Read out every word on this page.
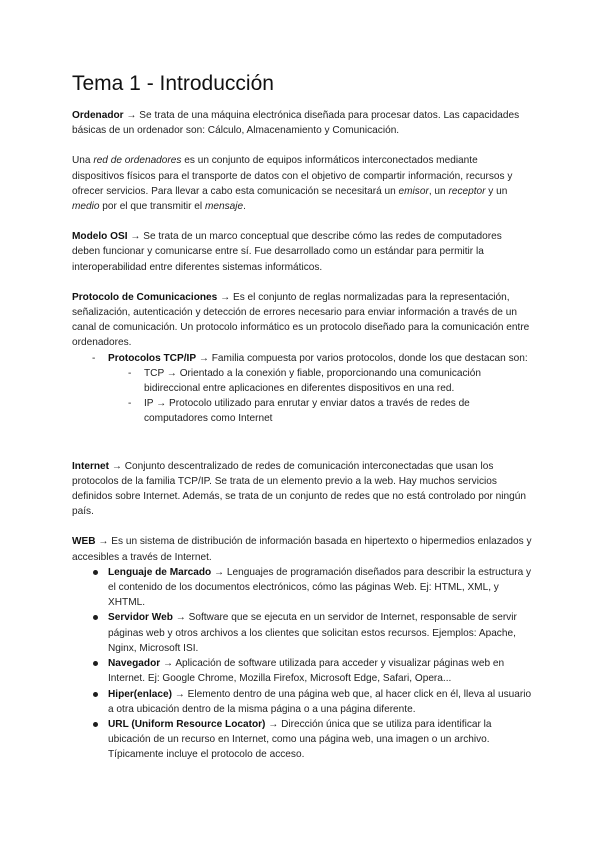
Tema 1 - Introducción

Ordenador → Se trata de una máquina electrónica diseñada para procesar datos. Las capacidades básicas de un ordenador son: Cálculo, Almacenamiento y Comunicación.

Una red de ordenadores es un conjunto de equipos informáticos interconectados mediante dispositivos físicos para el transporte de datos con el objetivo de compartir información, recursos y ofrecer servicios. Para llevar a cabo esta comunicación se necesitará un emisor, un receptor y un medio por el que transmitir el mensaje.

Modelo OSI → Se trata de un marco conceptual que describe cómo las redes de computadores deben funcionar y comunicarse entre sí. Fue desarrollado como un estándar para permitir la interoperabilidad entre diferentes sistemas informáticos.

Protocolo de Comunicaciones → Es el conjunto de reglas normalizadas para la representación, señalización, autenticación y detección de errores necesario para enviar información a través de un canal de comunicación. Un protocolo informático es un protocolo diseñado para la comunicación entre ordenadores.

- Protocolos TCP/IP → Familia compuesta por varios protocolos, donde los que destacan son:
- TCP → Orientado a la conexión y fiable, proporcionando una comunicación bidireccional entre aplicaciones en diferentes dispositivos en una red.
- IP → Protocolo utilizado para enrutar y enviar datos a través de redes de computadores como Internet

Internet → Conjunto descentralizado de redes de comunicación interconectadas que usan los protocolos de la familia TCP/IP. Se trata de un elemento previo a la web. Hay muchos servicios definidos sobre Internet. Además, se trata de un conjunto de redes que no está controlado por ningún país.

WEB → Es un sistema de distribución de información basada en hipertexto o hipermedios enlazados y accesibles a través de Internet.

Lenguaje de Marcado → Lenguajes de programación diseñados para describir la estructura y el contenido de los documentos electrónicos, cómo las páginas Web. Ej: HTML, XML, y XHTML.
Servidor Web → Software que se ejecuta en un servidor de Internet, responsable de servir páginas web y otros archivos a los clientes que solicitan estos recursos. Ejemplos: Apache, Nginx, Microsoft ISI.
Navegador → Aplicación de software utilizada para acceder y visualizar páginas web en Internet. Ej: Google Chrome, Mozilla Firefox, Microsoft Edge, Safari, Opera...
Hiper(enlace) → Elemento dentro de una página web que, al hacer click en él, lleva al usuario a otra ubicación dentro de la misma página o a una página diferente.
URL (Uniform Resource Locator) → Dirección única que se utiliza para identificar la ubicación de un recurso en Internet, como una página web, una imagen o un archivo. Típicamente incluye el protocolo de acceso.
